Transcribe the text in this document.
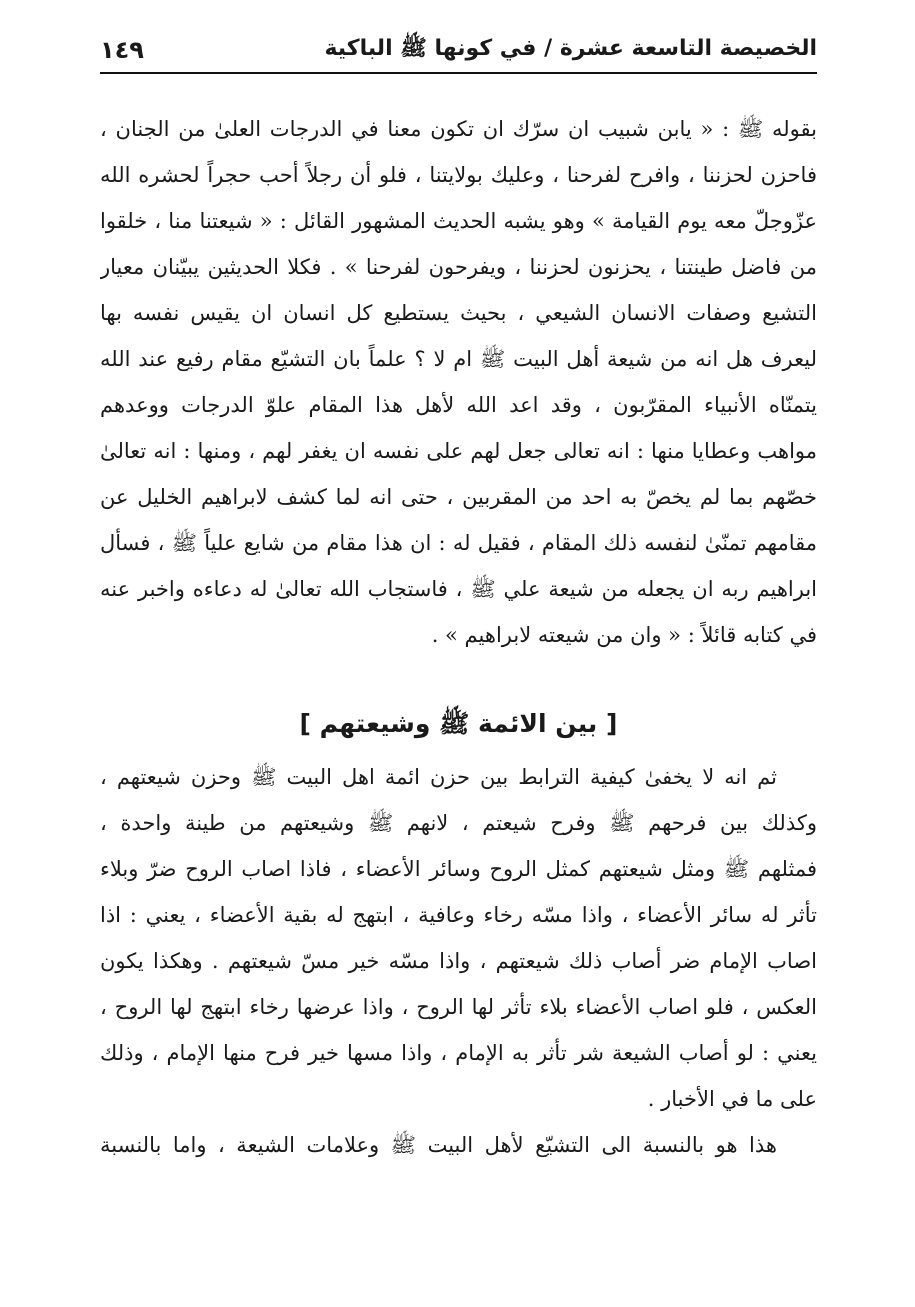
الخصيصة التاسعة عشرة / في كونها ﷺ الباكية
١٤٩
بقوله ﷺ : « يابن شبيب ان سرّك ان تكون معنا في الدرجات العلىٰ من الجنان ،
فاحزن لحزننا ، وافرح لفرحنا ، وعليك بولايتنا ، فلو أن رجلاً أحب حجراً لحشره الله
عزّوجلّ معه يوم القيامة » وهو يشبه الحديث المشهور القائل : « شيعتنا منا ، خلقوا
من فاضل طينتنا ، يحزنون لحزننا ، ويفرحون لفرحنا » . فكلا الحديثين يبيّنان معيار
التشيع وصفات الانسان الشيعي ، بحيث يستطيع كل انسان ان يقيس نفسه بها
ليعرف هل انه من شيعة أهل البيت ﷺ ام لا ؟ علماً بان التشيّع مقام رفيع عند الله
يتمنّاه الأنبياء المقرّبون ، وقد اعد الله لأهل هذا المقام علوّ الدرجات ووعدهم
مواهب وعطايا منها : انه تعالى جعل لهم على نفسه ان يغفر لهم ، ومنها : انه تعالىٰ
خصّهم بما لم يخصّ به احد من المقربين ، حتى انه لما كشف لابراهيم الخليل عن
مقامهم تمنّىٰ لنفسه ذلك المقام ، فقيل له : ان هذا مقام من شايع علياً ﷺ ، فسأل
ابراهيم ربه ان يجعله من شيعة علي ﷺ ، فاستجاب الله تعالىٰ له دعاءه واخبر عنه
في كتابه قائلاً : « وان من شيعته لابراهيم » .
[ بين الائمة ﷺ وشيعتهم ]
ثم انه لا يخفىٰ كيفية الترابط بين حزن ائمة اهل البيت ﷺ وحزن شيعتهم ،
وكذلك بين فرحهم ﷺ وفرح شيعتم ، لانهم ﷺ وشيعتهم من طينة واحدة ،
فمثلهم ﷺ ومثل شيعتهم كمثل الروح وسائر الأعضاء ، فاذا اصاب الروح ضرّ وبلاء
تأثر له سائر الأعضاء ، واذا مسّه رخاء وعافية ، ابتهج له بقية الأعضاء ، يعني : اذا
اصاب الإمام ضر أصاب ذلك شيعتهم ، واذا مسّه خير مسّ شيعتهم . وهكذا يكون
العكس ، فلو اصاب الأعضاء بلاء تأثر لها الروح ، واذا عرضها رخاء ابتهج لها الروح ،
يعني : لو أصاب الشيعة شر تأثر به الإمام ، واذا مسها خير فرح منها الإمام ، وذلك
على ما في الأخبار .
هذا هو بالنسبة الى التشيّع لأهل البيت ﷺ وعلامات الشيعة ، واما بالنسبة
